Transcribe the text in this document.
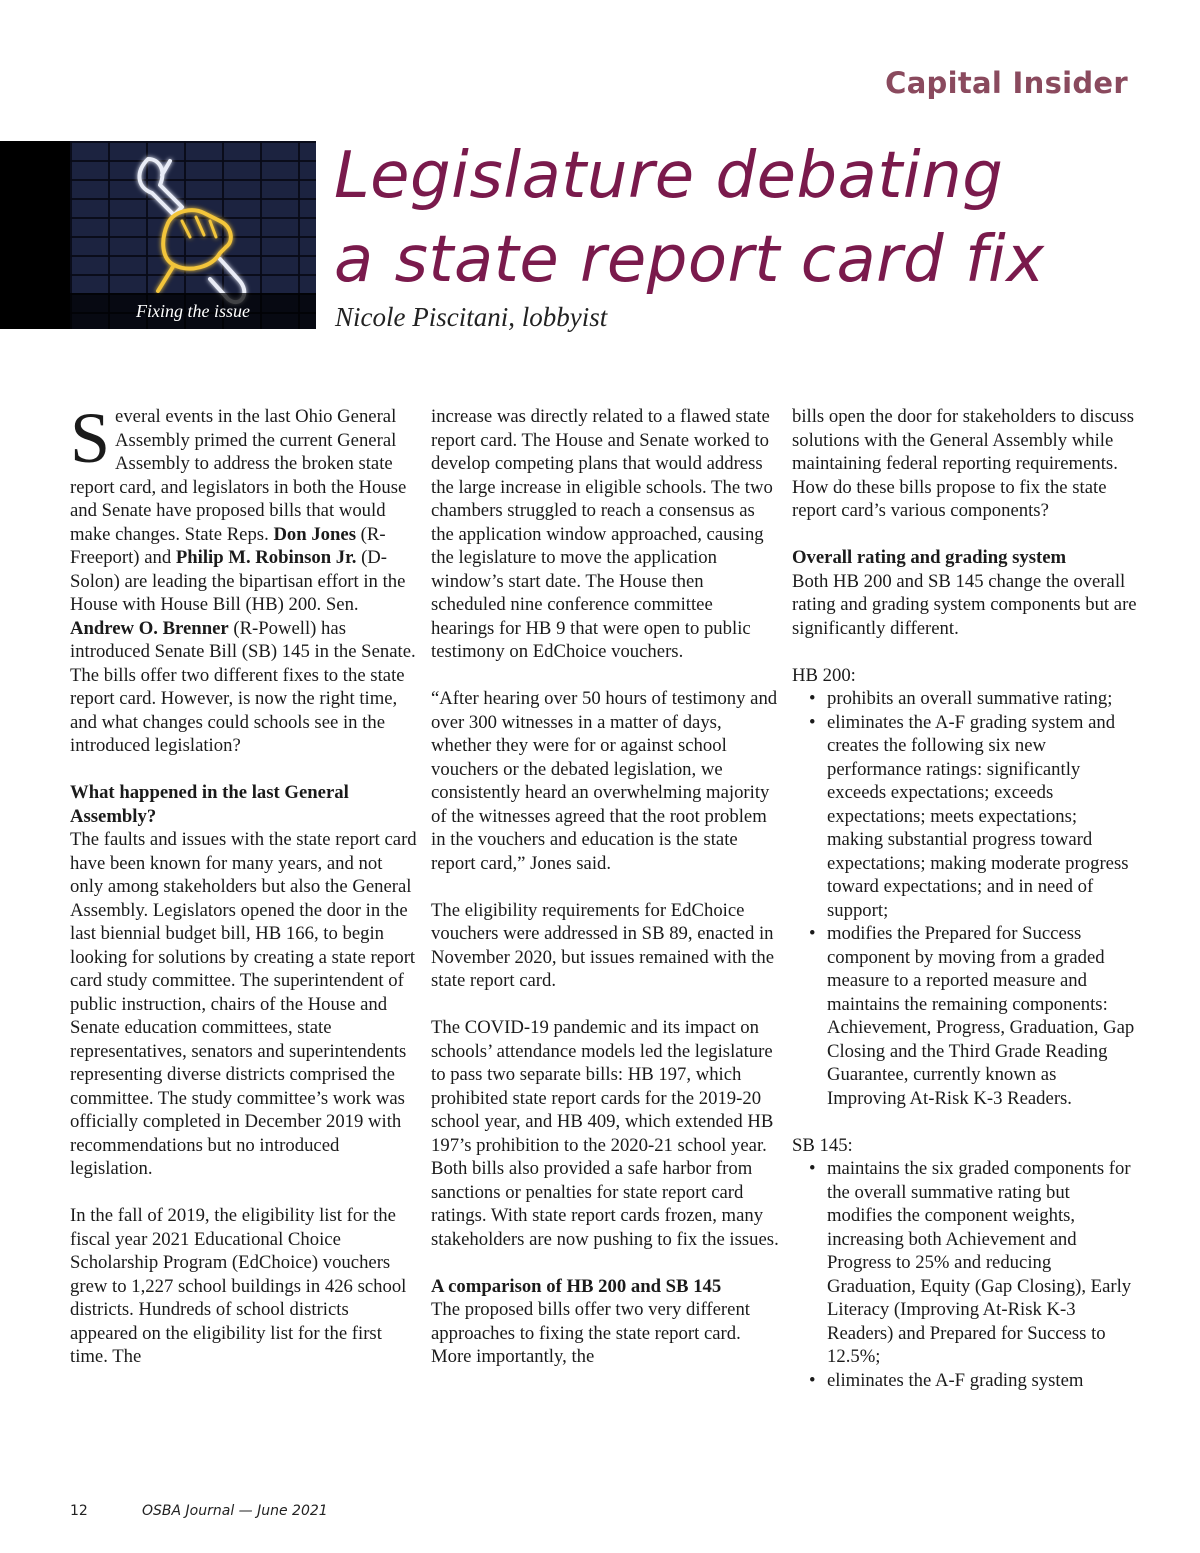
Capital Insider
Fixing the issue
Legislature debating
a state report card fix
Nicole Piscitani, lobbyist

Several events in the last Ohio General Assembly primed the current General Assembly to address the broken state report card, and legislators in both the House and Senate have proposed bills that would make changes. State Reps. Don Jones (R-Freeport) and Philip M. Robinson Jr. (D-Solon) are leading the bipartisan effort in the House with House Bill (HB) 200. Sen. Andrew O. Brenner (R-Powell) has introduced Senate Bill (SB) 145 in the Senate. The bills offer two different fixes to the state report card. However, is now the right time, and what changes could schools see in the introduced legislation?

What happened in the last General Assembly?

The faults and issues with the state report card have been known for many years, and not only among stakeholders but also the General Assembly. Legislators opened the door in the last biennial budget bill, HB 166, to begin looking for solutions by creating a state report card study committee. The superintendent of public instruction, chairs of the House and Senate education committees, state representatives, senators and superintendents representing diverse districts comprised the committee. The study committee’s work was officially completed in December 2019 with recommendations but no introduced legislation.

In the fall of 2019, the eligibility list for the fiscal year 2021 Educational Choice Scholarship Program (EdChoice) vouchers grew to 1,227 school buildings in 426 school districts. Hundreds of school districts appeared on the eligibility list for the first time. The

increase was directly related to a flawed state report card. The House and Senate worked to develop competing plans that would address the large increase in eligible schools. The two chambers struggled to reach a consensus as the application window approached, causing the legislature to move the application window’s start date. The House then scheduled nine conference committee hearings for HB 9 that were open to public testimony on EdChoice vouchers.

“After hearing over 50 hours of testimony and over 300 witnesses in a matter of days, whether they were for or against school vouchers or the debated legislation, we consistently heard an overwhelming majority of the witnesses agreed that the root problem in the vouchers and education is the state report card,” Jones said.

The eligibility requirements for EdChoice vouchers were addressed in SB 89, enacted in November 2020, but issues remained with the state report card.

The COVID-19 pandemic and its impact on schools’ attendance models led the legislature to pass two separate bills: HB 197, which prohibited state report cards for the 2019-20 school year, and HB 409, which extended HB 197’s prohibition to the 2020-21 school year. Both bills also provided a safe harbor from sanctions or penalties for state report card ratings. With state report cards frozen, many stakeholders are now pushing to fix the issues.

A comparison of HB 200 and SB 145

The proposed bills offer two very different approaches to fixing the state report card. More importantly, the

bills open the door for stakeholders to discuss solutions with the General Assembly while maintaining federal reporting requirements. How do these bills propose to fix the state report card’s various components?

Overall rating and grading system

Both HB 200 and SB 145 change the overall rating and grading system components but are significantly different.

HB 200:

• prohibits an overall summative rating;
• eliminates the A-F grading system and creates the following six new performance ratings: significantly exceeds expectations; exceeds expectations; meets expectations; making substantial progress toward expectations; making moderate progress toward expectations; and in need of support;
• modifies the Prepared for Success component by moving from a graded measure to a reported measure and maintains the remaining components: Achievement, Progress, Graduation, Gap Closing and the Third Grade Reading Guarantee, currently known as Improving At-Risk K-3 Readers.

SB 145:

• maintains the six graded components for the overall summative rating but modifies the component weights, increasing both Achievement and Progress to 25% and reducing Graduation, Equity (Gap Closing), Early Literacy (Improving At-Risk K-3 Readers) and Prepared for Success to 12.5%;
• eliminates the A-F grading system
12	OSBA Journal — June 2021
